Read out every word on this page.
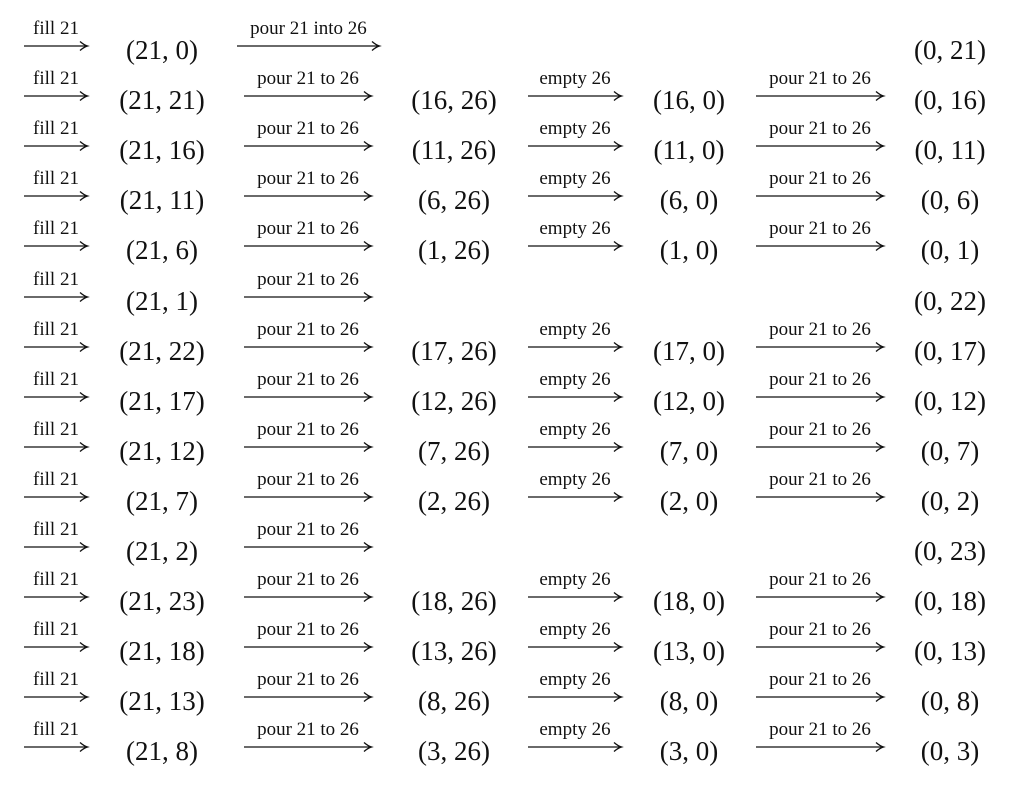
fill 21
(21, 0)
pour 21 into 26
(0, 21)
fill 21
(21, 21)
pour 21 to 26
(16, 26)
empty 26
(16, 0)
pour 21 to 26
(0, 16)
fill 21
(21, 16)
pour 21 to 26
(11, 26)
empty 26
(11, 0)
pour 21 to 26
(0, 11)
fill 21
(21, 11)
pour 21 to 26
(6, 26)
empty 26
(6, 0)
pour 21 to 26
(0, 6)
fill 21
(21, 6)
pour 21 to 26
(1, 26)
empty 26
(1, 0)
pour 21 to 26
(0, 1)
fill 21
(21, 1)
pour 21 to 26
(0, 22)
fill 21
(21, 22)
pour 21 to 26
(17, 26)
empty 26
(17, 0)
pour 21 to 26
(0, 17)
fill 21
(21, 17)
pour 21 to 26
(12, 26)
empty 26
(12, 0)
pour 21 to 26
(0, 12)
fill 21
(21, 12)
pour 21 to 26
(7, 26)
empty 26
(7, 0)
pour 21 to 26
(0, 7)
fill 21
(21, 7)
pour 21 to 26
(2, 26)
empty 26
(2, 0)
pour 21 to 26
(0, 2)
fill 21
(21, 2)
pour 21 to 26
(0, 23)
fill 21
(21, 23)
pour 21 to 26
(18, 26)
empty 26
(18, 0)
pour 21 to 26
(0, 18)
fill 21
(21, 18)
pour 21 to 26
(13, 26)
empty 26
(13, 0)
pour 21 to 26
(0, 13)
fill 21
(21, 13)
pour 21 to 26
(8, 26)
empty 26
(8, 0)
pour 21 to 26
(0, 8)
fill 21
(21, 8)
pour 21 to 26
(3, 26)
empty 26
(3, 0)
pour 21 to 26
(0, 3)
